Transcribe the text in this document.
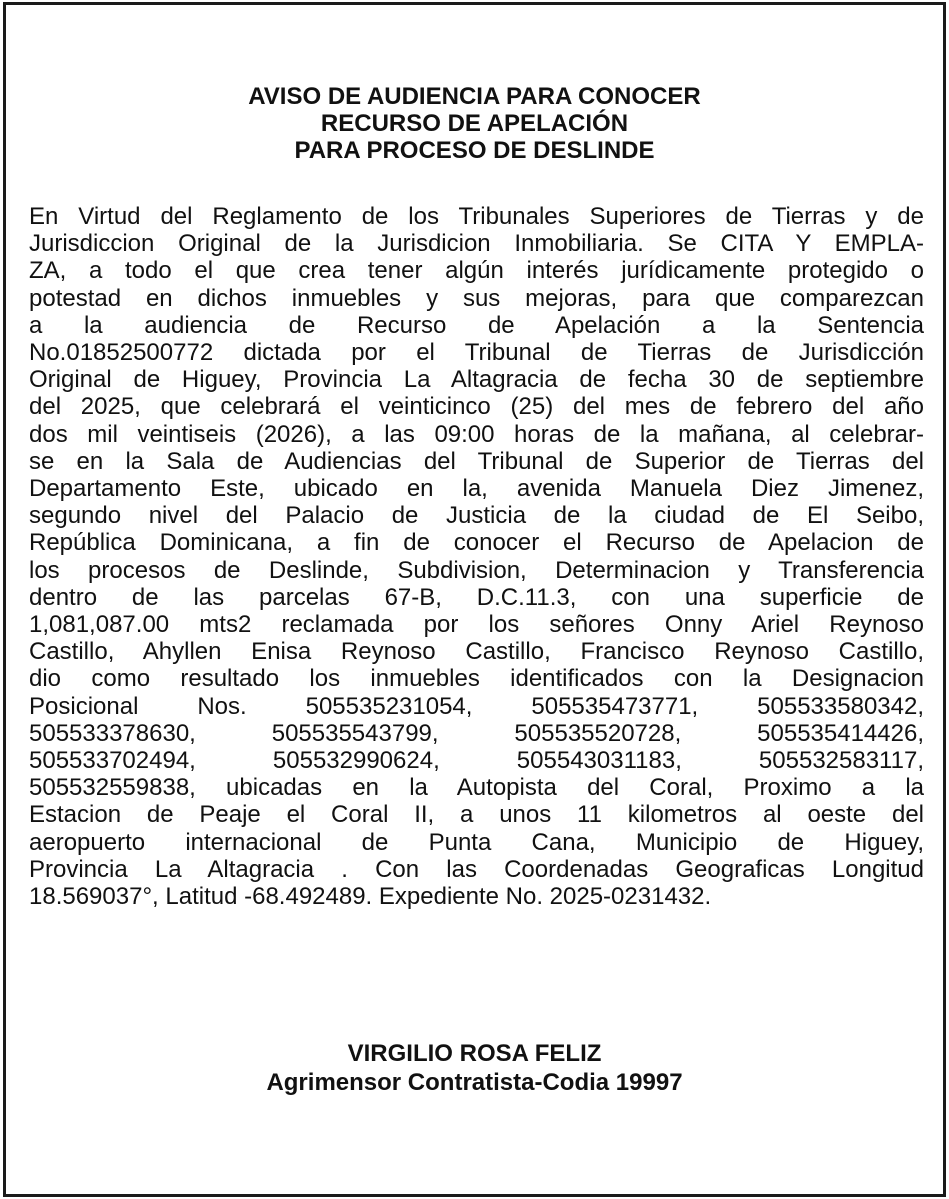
AVISO DE AUDIENCIA PARA CONOCER
RECURSO DE APELACIÓN
PARA PROCESO DE DESLINDE
En Virtud del Reglamento de los Tribunales Superiores de Tierras y de
Jurisdiccion Original de la Jurisdicion Inmobiliaria. Se CITA Y EMPLA-
ZA, a todo el que crea tener algún interés jurídicamente protegido o
potestad en dichos inmuebles y sus mejoras, para que comparezcan
a la audiencia de Recurso de Apelación a la Sentencia
No.01852500772 dictada por el Tribunal de Tierras de Jurisdicción
Original de Higuey, Provincia La Altagracia de fecha 30 de septiembre
del 2025, que celebrará el veinticinco (25) del mes de febrero del año
dos mil veintiseis (2026), a las 09:00 horas de la mañana, al celebrar-
se en la Sala de Audiencias del Tribunal de Superior de Tierras del
Departamento Este, ubicado en la, avenida Manuela Diez Jimenez,
segundo nivel del Palacio de Justicia de la ciudad de El Seibo,
República Dominicana, a fin de conocer el Recurso de Apelacion de
los procesos de Deslinde, Subdivision, Determinacion y Transferencia
dentro de las parcelas 67-B, D.C.11.3, con una superficie de
1,081,087.00 mts2 reclamada por los señores Onny Ariel Reynoso
Castillo, Ahyllen Enisa Reynoso Castillo, Francisco Reynoso Castillo,
dio como resultado los inmuebles identificados con la Designacion
Posicional Nos. 505535231054, 505535473771, 505533580342,
505533378630, 505535543799, 505535520728, 505535414426,
505533702494, 505532990624, 505543031183, 505532583117,
505532559838, ubicadas en la Autopista del Coral, Proximo a la
Estacion de Peaje el Coral II, a unos 11 kilometros al oeste del
aeropuerto internacional de Punta Cana, Municipio de Higuey,
Provincia La Altagracia . Con las Coordenadas Geograficas Longitud
18.569037°, Latitud -68.492489. Expediente No. 2025-0231432.
VIRGILIO ROSA FELIZ
Agrimensor Contratista-Codia 19997
